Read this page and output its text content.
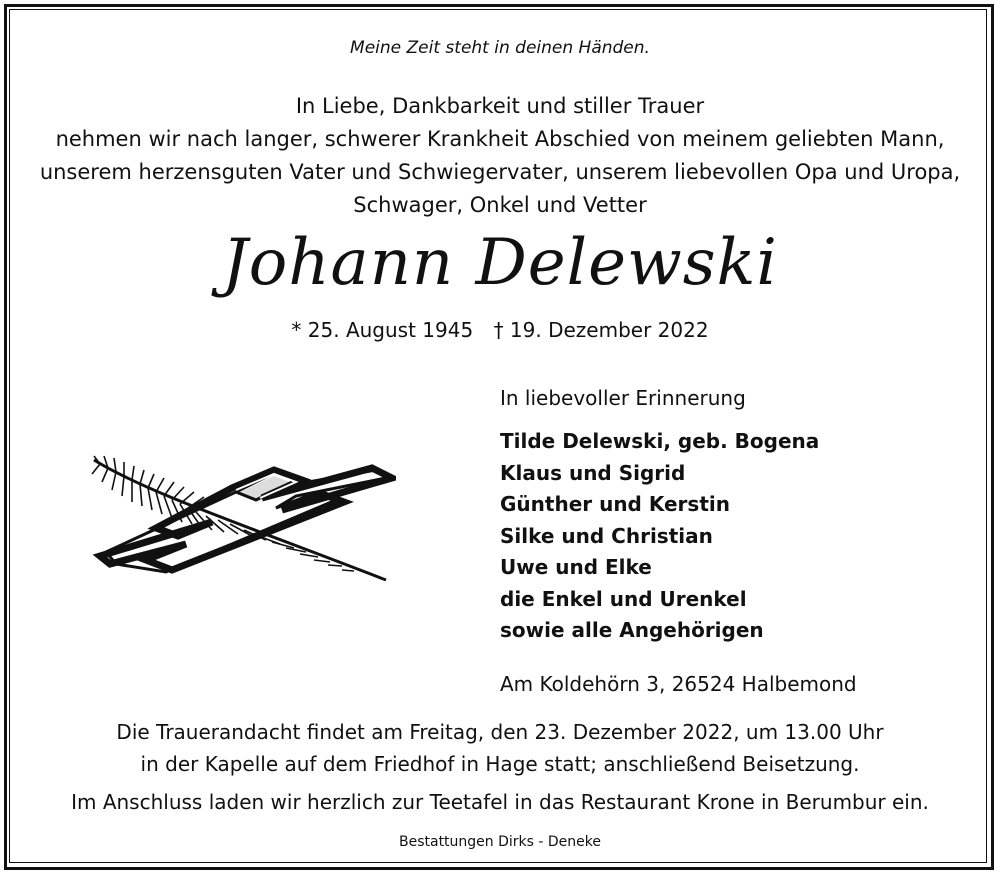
Meine Zeit steht in deinen Händen.
In Liebe, Dankbarkeit und stiller Trauer
nehmen wir nach langer, schwerer Krankheit Abschied von meinem geliebten Mann,
unserem herzensguten Vater und Schwiegervater, unserem liebevollen Opa und Uropa,
Schwager, Onkel und Vetter
Johann Delewski
* 25. August 1945 † 19. Dezember 2022
In liebevoller Erinnerung
Tilde Delewski, geb. Bogena
Klaus und Sigrid
Günther und Kerstin
Silke und Christian
Uwe und Elke
die Enkel und Urenkel
sowie alle Angehörigen
Am Koldehörn 3, 26524 Halbemond
Die Trauerandacht findet am Freitag, den 23. Dezember 2022, um 13.00 Uhr
in der Kapelle auf dem Friedhof in Hage statt; anschließend Beisetzung.
Im Anschluss laden wir herzlich zur Teetafel in das Restaurant Krone in Berumbur ein.
Bestattungen Dirks - Deneke
